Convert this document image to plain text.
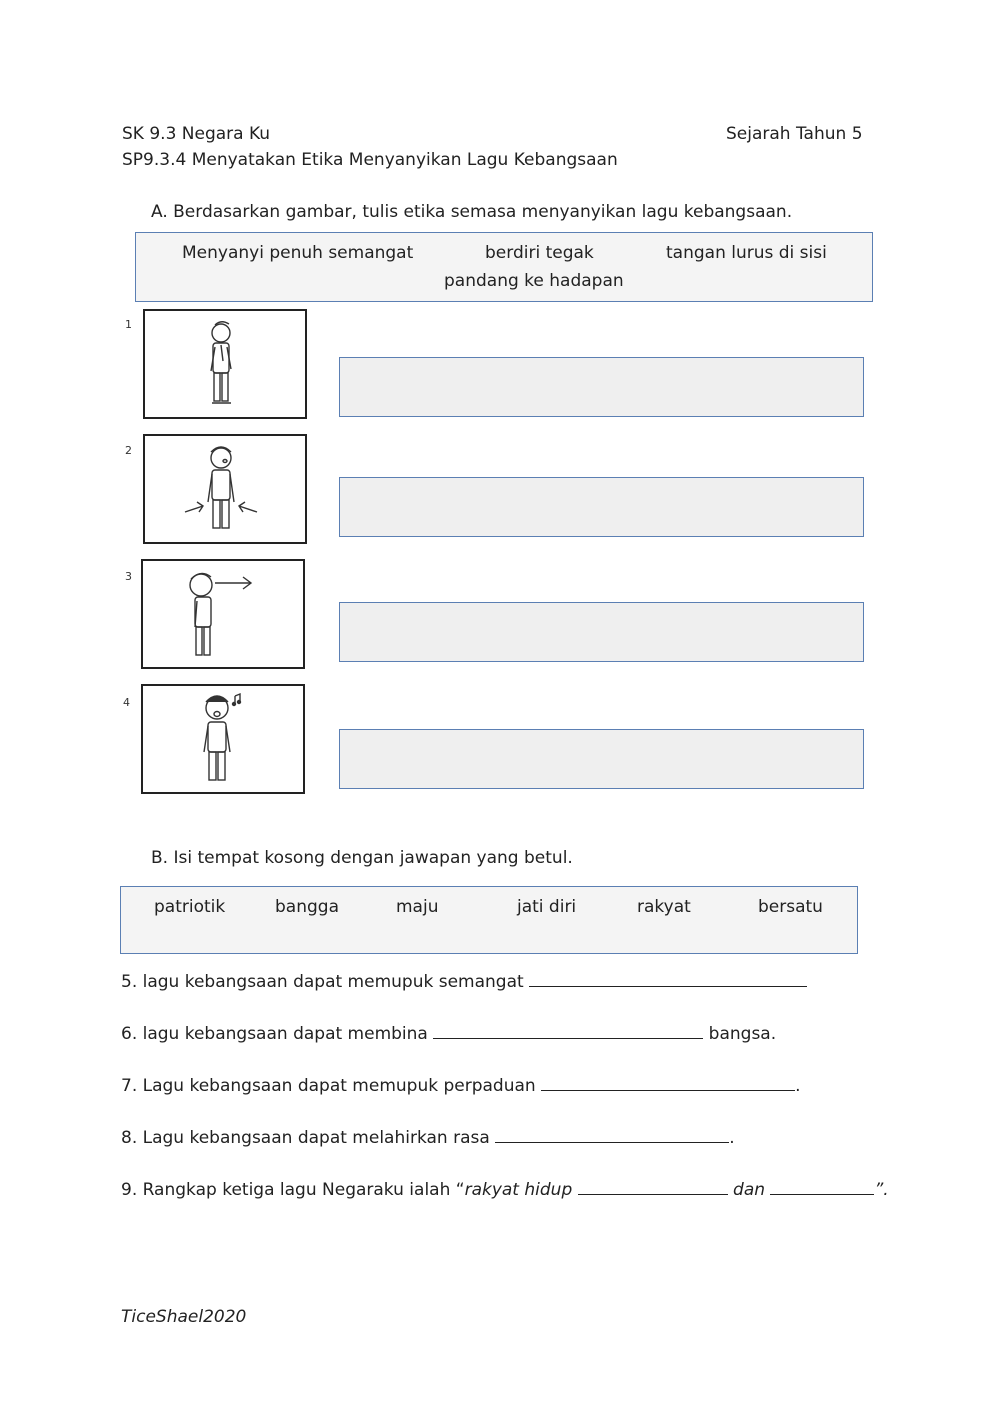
SK 9.3 Negara Ku	Sejarah Tahun 5
SP9.3.4 Menyatakan Etika Menyanyikan Lagu Kebangsaan
A. Berdasarkan gambar, tulis etika semasa menyanyikan lagu kebangsaan.
Menyanyi penuh semangat	berdiri tegak	tangan lurus di sisi
pandang ke hadapan
1
2
3
4
B. Isi tempat kosong dengan jawapan yang betul.
patriotik	bangga	maju	jati diri	rakyat	bersatu
5. lagu kebangsaan dapat memupuk semangat
6. lagu kebangsaan dapat membina	bangsa.
7. Lagu kebangsaan dapat memupuk perpaduan	.
8. Lagu kebangsaan dapat melahirkan rasa	.
9. Rangkap ketiga lagu Negaraku ialah “rakyat hidup	dan	”.
TiceShael2020
